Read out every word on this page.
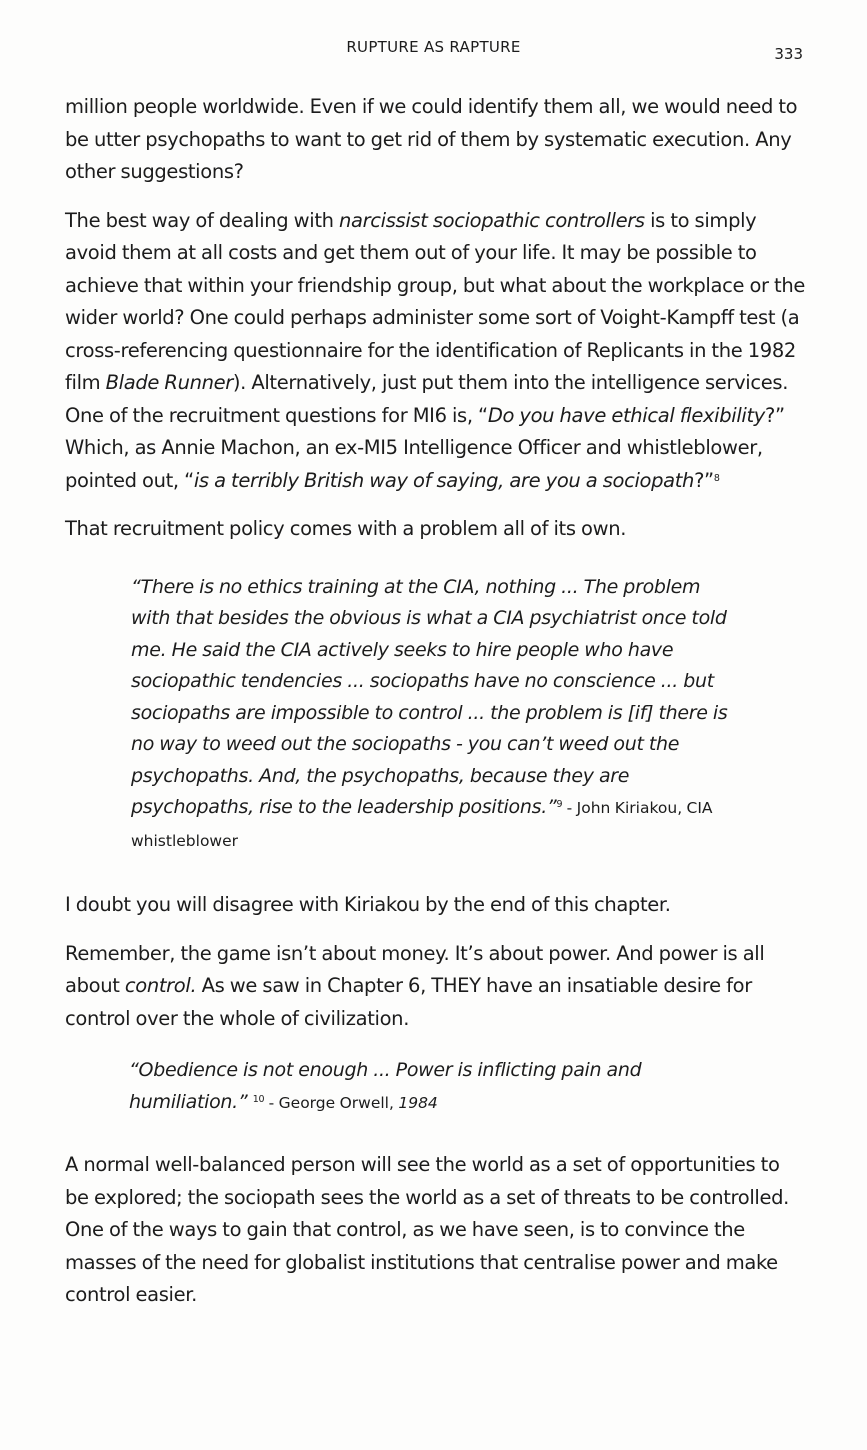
RUPTURE AS RAPTURE	333

million people worldwide. Even if we could identify them all, we would need to be utter psychopaths to want to get rid of them by systematic execution. Any other suggestions?

The best way of dealing with narcissist sociopathic controllers is to simply avoid them at all costs and get them out of your life. It may be possible to achieve that within your friendship group, but what about the workplace or the wider world? One could perhaps administer some sort of Voight-Kampff test (a cross-referencing questionnaire for the identification of Replicants in the 1982 film Blade Runner). Alternatively, just put them into the intelligence services. One of the recruitment questions for MI6 is, “Do you have ethical flexibility?” Which, as Annie Machon, an ex-MI5 Intelligence Officer and whistleblower, pointed out, “is a terribly British way of saying, are you a sociopath?”$^8$

That recruitment policy comes with a problem all of its own.

“There is no ethics training at the CIA, nothing ... The problem with that besides the obvious is what a CIA psychiatrist once told me. He said the CIA actively seeks to hire people who have sociopathic tendencies ... sociopaths have no conscience ... but sociopaths are impossible to control ... the problem is [if] there is no way to weed out the sociopaths - you can’t weed out the psychopaths. And, the psychopaths, because they are psychopaths, rise to the leadership positions.”$^9$ - John Kiriakou, CIA whistleblower

I doubt you will disagree with Kiriakou by the end of this chapter.

Remember, the game isn’t about money. It’s about power. And power is all about control. As we saw in Chapter 6, THEY have an insatiable desire for control over the whole of civilization.

“Obedience is not enough ... Power is inflicting pain and humiliation.” $^{10}$ - George Orwell, 1984

A normal well-balanced person will see the world as a set of opportunities to be explored; the sociopath sees the world as a set of threats to be controlled. One of the ways to gain that control, as we have seen, is to convince the masses of the need for globalist institutions that centralise power and make control easier.
